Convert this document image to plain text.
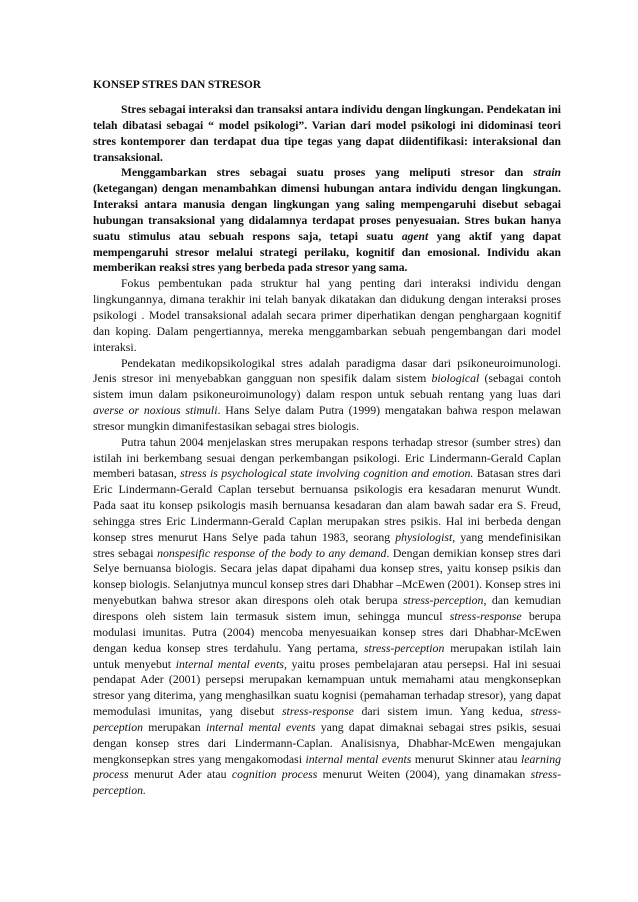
KONSEP STRES DAN STRESOR

Stres sebagai interaksi dan transaksi antara individu dengan lingkungan. Pendekatan ini telah dibatasi sebagai “ model psikologi”. Varian dari model psikologi ini didominasi teori stres kontemporer dan terdapat dua tipe tegas yang dapat diidentifikasi: interaksional dan transaksional.

Menggambarkan stres sebagai suatu proses yang meliputi stresor dan strain (ketegangan) dengan menambahkan dimensi hubungan antara individu dengan lingkungan. Interaksi antara manusia dengan lingkungan yang saling mempengaruhi disebut sebagai hubungan transaksional yang didalamnya terdapat proses penyesuaian. Stres bukan hanya suatu stimulus atau sebuah respons saja, tetapi suatu agent yang aktif yang dapat mempengaruhi stresor melalui strategi perilaku, kognitif dan emosional. Individu akan memberikan reaksi stres yang berbeda pada stresor yang sama.

Fokus pembentukan pada struktur hal yang penting dari interaksi individu dengan lingkungannya, dimana terakhir ini telah banyak dikatakan dan didukung dengan interaksi proses psikologi . Model transaksional adalah secara primer diperhatikan dengan penghargaan kognitif dan koping. Dalam pengertiannya, mereka menggambarkan sebuah pengembangan dari model interaksi.

Pendekatan medikopsikologikal stres adalah paradigma dasar dari psikoneuroimunologi. Jenis stresor ini menyebabkan gangguan non spesifik dalam sistem biological (sebagai contoh sistem imun dalam psikoneuroimunology) dalam respon untuk sebuah rentang yang luas dari averse or noxious stimuli. Hans Selye dalam Putra (1999) mengatakan bahwa respon melawan stresor mungkin dimanifestasikan sebagai stres biologis.

Putra tahun 2004 menjelaskan stres merupakan respons terhadap stresor (sumber stres) dan istilah ini berkembang sesuai dengan perkembangan psikologi. Eric Lindermann-Gerald Caplan memberi batasan, stress is psychological state involving cognition and emotion. Batasan stres dari Eric Lindermann-Gerald Caplan tersebut bernuansa psikologis era kesadaran menurut Wundt. Pada saat itu konsep psikologis masih bernuansa kesadaran dan alam bawah sadar era S. Freud, sehingga stres Eric Lindermann-Gerald Caplan merupakan stres psikis. Hal ini berbeda dengan konsep stres menurut Hans Selye pada tahun 1983, seorang physiologist, yang mendefinisikan stres sebagai nonspesific response of the body to any demand. Dengan demikian konsep stres dari Selye bernuansa biologis. Secara jelas dapat dipahami dua konsep stres, yaitu konsep psikis dan konsep biologis. Selanjutnya muncul konsep stres dari Dhabhar –McEwen (2001). Konsep stres ini menyebutkan bahwa stresor akan direspons oleh otak berupa stress-perception, dan kemudian direspons oleh sistem lain termasuk sistem imun, sehingga muncul stress-response berupa modulasi imunitas. Putra (2004) mencoba menyesuaikan konsep stres dari Dhabhar-McEwen dengan kedua konsep stres terdahulu. Yang pertama, stress-perception merupakan istilah lain untuk menyebut internal mental events, yaitu proses pembelajaran atau persepsi. Hal ini sesuai pendapat Ader (2001) persepsi merupakan kemampuan untuk memahami atau mengkonsepkan stresor yang diterima, yang menghasilkan suatu kognisi (pemahaman terhadap stresor), yang dapat memodulasi imunitas, yang disebut stress-response dari sistem imun. Yang kedua, stress-perception merupakan internal mental events yang dapat dimaknai sebagai stres psikis, sesuai dengan konsep stres dari Lindermann-Caplan. Analisisnya, Dhabhar-McEwen mengajukan mengkonsepkan stres yang mengakomodasi internal mental events menurut Skinner atau learning process menurut Ader atau cognition process menurut Weiten (2004), yang dinamakan stress-perception.
